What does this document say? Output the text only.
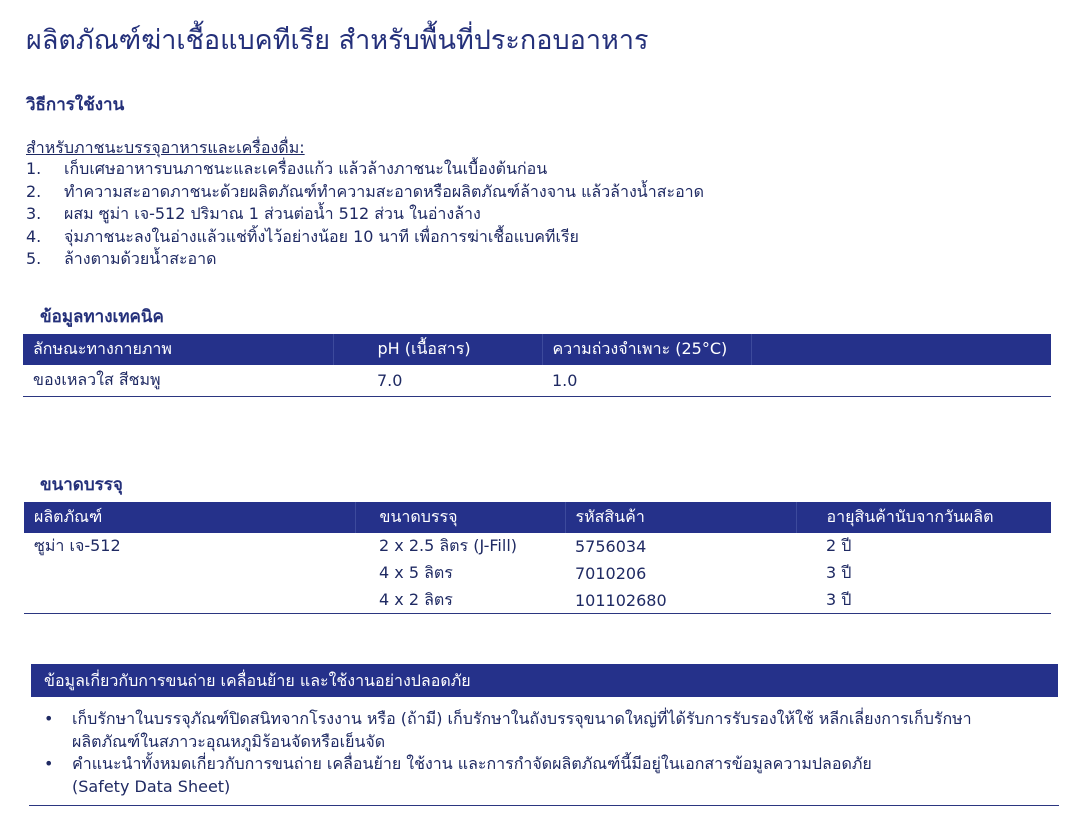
ผลิตภัณฑ์ฆ่าเชื้อแบคทีเรีย สำหรับพื้นที่ประกอบอาหาร
วิธีการใช้งาน
สำหรับภาชนะบรรจุอาหารและเครื่องดื่ม:
1. เก็บเศษอาหารบนภาชนะและเครื่องแก้ว แล้วล้างภาชนะในเบื้องต้นก่อน
2. ทำความสะอาดภาชนะด้วยผลิตภัณฑ์ทำความสะอาดหรือผลิตภัณฑ์ล้างจาน แล้วล้างน้ำสะอาด
3. ผสม ซูม่า เจ-512 ปริมาณ 1 ส่วนต่อน้ำ 512 ส่วน ในอ่างล้าง
4. จุ่มภาชนะลงในอ่างแล้วแช่ทิ้งไว้อย่างน้อย 10 นาที เพื่อการฆ่าเชื้อแบคทีเรีย
5. ล้างตามด้วยน้ำสะอาด
ข้อมูลทางเทคนิค
ลักษณะทางกายภาพ	pH (เนื้อสาร)	ความถ่วงจำเพาะ (25°C)	
ของเหลวใส สีชมพู	7.0	1.0	
ขนาดบรรจุ
ผลิตภัณฑ์	ขนาดบรรจุ	รหัสสินค้า	อายุสินค้านับจากวันผลิต
ซูม่า เจ-512	2 x 2.5 ลิตร (J-Fill)	5756034	2 ปี
	4 x 5 ลิตร	7010206	3 ปี
	4 x 2 ลิตร	101102680	3 ปี
ข้อมูลเกี่ยวกับการขนถ่าย เคลื่อนย้าย และใช้งานอย่างปลอดภัย
• เก็บรักษาในบรรจุภัณฑ์ปิดสนิทจากโรงงาน หรือ (ถ้ามี) เก็บรักษาในถังบรรจุขนาดใหญ่ที่ได้รับการรับรองให้ใช้ หลีกเลี่ยงการเก็บรักษา
ผลิตภัณฑ์ในสภาวะอุณหภูมิร้อนจัดหรือเย็นจัด
• คำแนะนำทั้งหมดเกี่ยวกับการขนถ่าย เคลื่อนย้าย ใช้งาน และการกำจัดผลิตภัณฑ์นี้มีอยู่ในเอกสารข้อมูลความปลอดภัย
(Safety Data Sheet)
